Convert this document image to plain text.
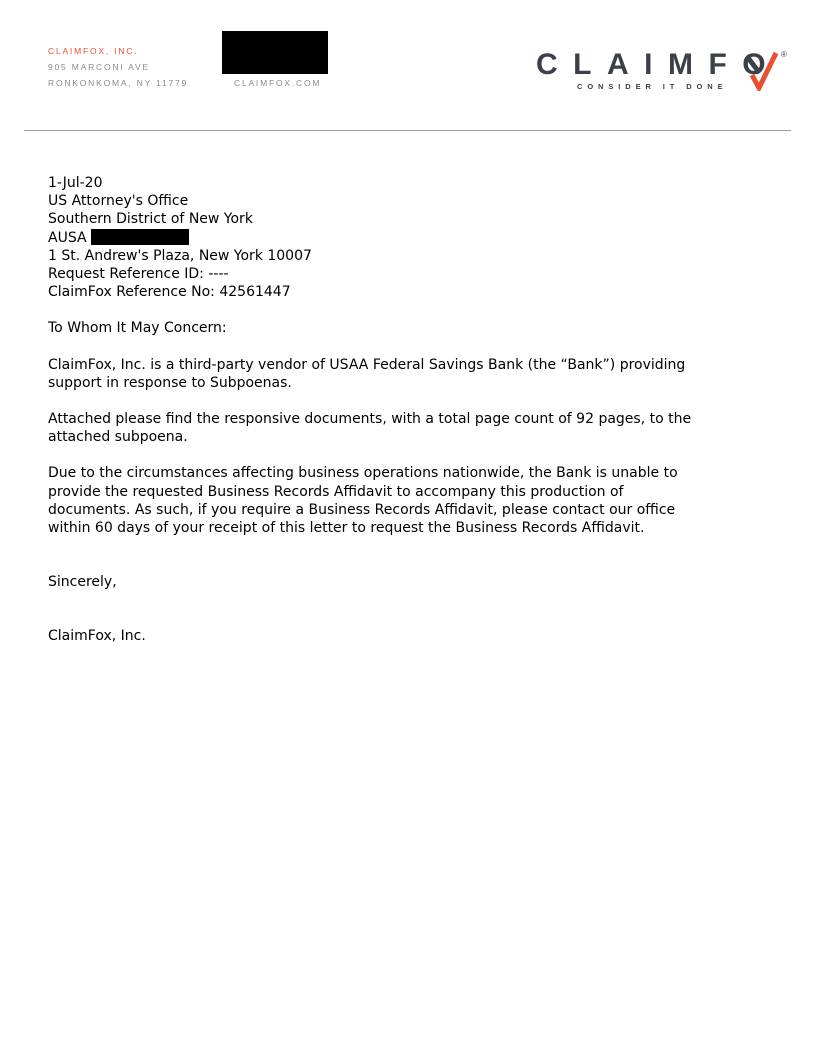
CLAIMFOX, INC.
905 MARCONI AVE
RONKONKOMA, NY 11779	CLAIMFOX.COM
CLAIMFO ®
CONSIDER IT DONE
1-Jul-20
US Attorney's Office
Southern District of New York
AUSA
1 St. Andrew's Plaza, New York 10007
Request Reference ID: ----
ClaimFox Reference No: 42561447
To Whom It May Concern:

ClaimFox, Inc. is a third-party vendor of USAA Federal Savings Bank (the “Bank”) providing support in response to Subpoenas.

Attached please find the responsive documents, with a total page count of 92 pages, to the attached subpoena.

Due to the circumstances affecting business operations nationwide, the Bank is unable to provide the requested Business Records Affidavit to accompany this production of documents. As such, if you require a Business Records Affidavit, please contact our office within 60 days of your receipt of this letter to request the Business Records Affidavit.

Sincerely,
ClaimFox, Inc.
